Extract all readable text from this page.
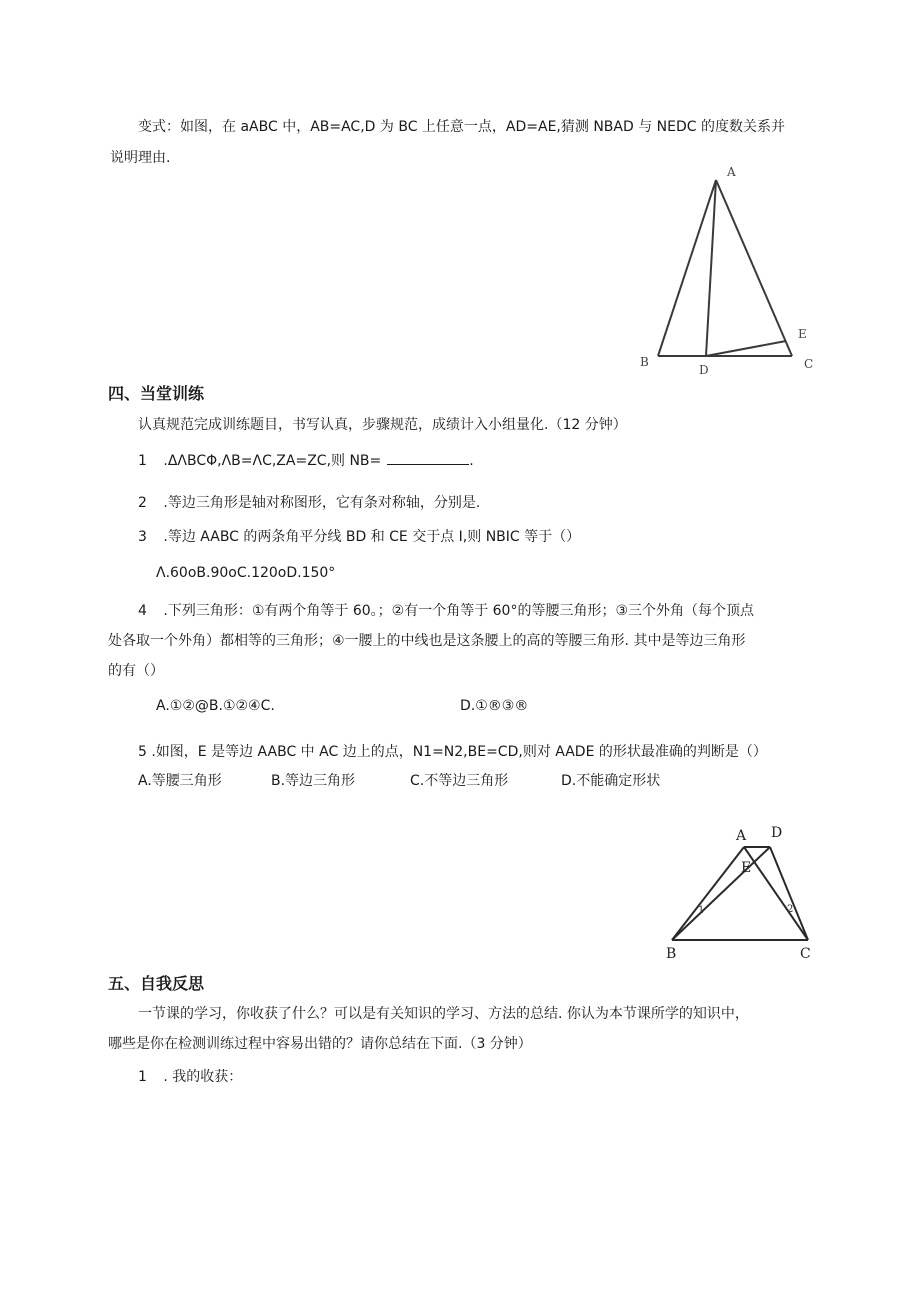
变式：如图，在 aABC 中，AB=AC,D 为 BC 上任意一点，AD=AE,猜测 NBAD 与 NEDC 的度数关系并
说明理由.
A
B	C
D
E
四、当堂训练
认真规范完成训练题目，书写认真，步骤规范，成绩计入小组量化.（12 分钟）
1 .ΔΛBCΦ,ΛB=ΛC,ZA=ZC,则 NB=	.
2 .等边三角形是轴对称图形，它有条对称轴，分别是.
3 .等边 AABC 的两条角平分线 BD 和 CE 交于点 I,则 NBIC 等于（）
Λ.60oB.90oC.120oD.150°
4 .下列三角形：①有两个角等于 60。；②有一个角等于 60°的等腰三角形；③三个外角（每个顶点
处各取一个外角）都相等的三角形；④一腰上的中线也是这条腰上的高的等腰三角形. 其中是等边三角形
的有（）
A.①②@B.①②④C.	D.①®③®
5 .如图，E 是等边 AABC 中 AC 边上的点，N1=N2,BE=CD,则对 AADE 的形状最准确的判断是（）
A.等腰三角形	B.等边三角形	C.不等边三角形	D.不能确定形状
A D
E
B	C
1	2
五、自我反思
一节课的学习，你收获了什么？可以是有关知识的学习、方法的总结. 你认为本节课所学的知识中，
哪些是你在检测训练过程中容易出错的？请你总结在下面.（3 分钟）
1 . 我的收获：
